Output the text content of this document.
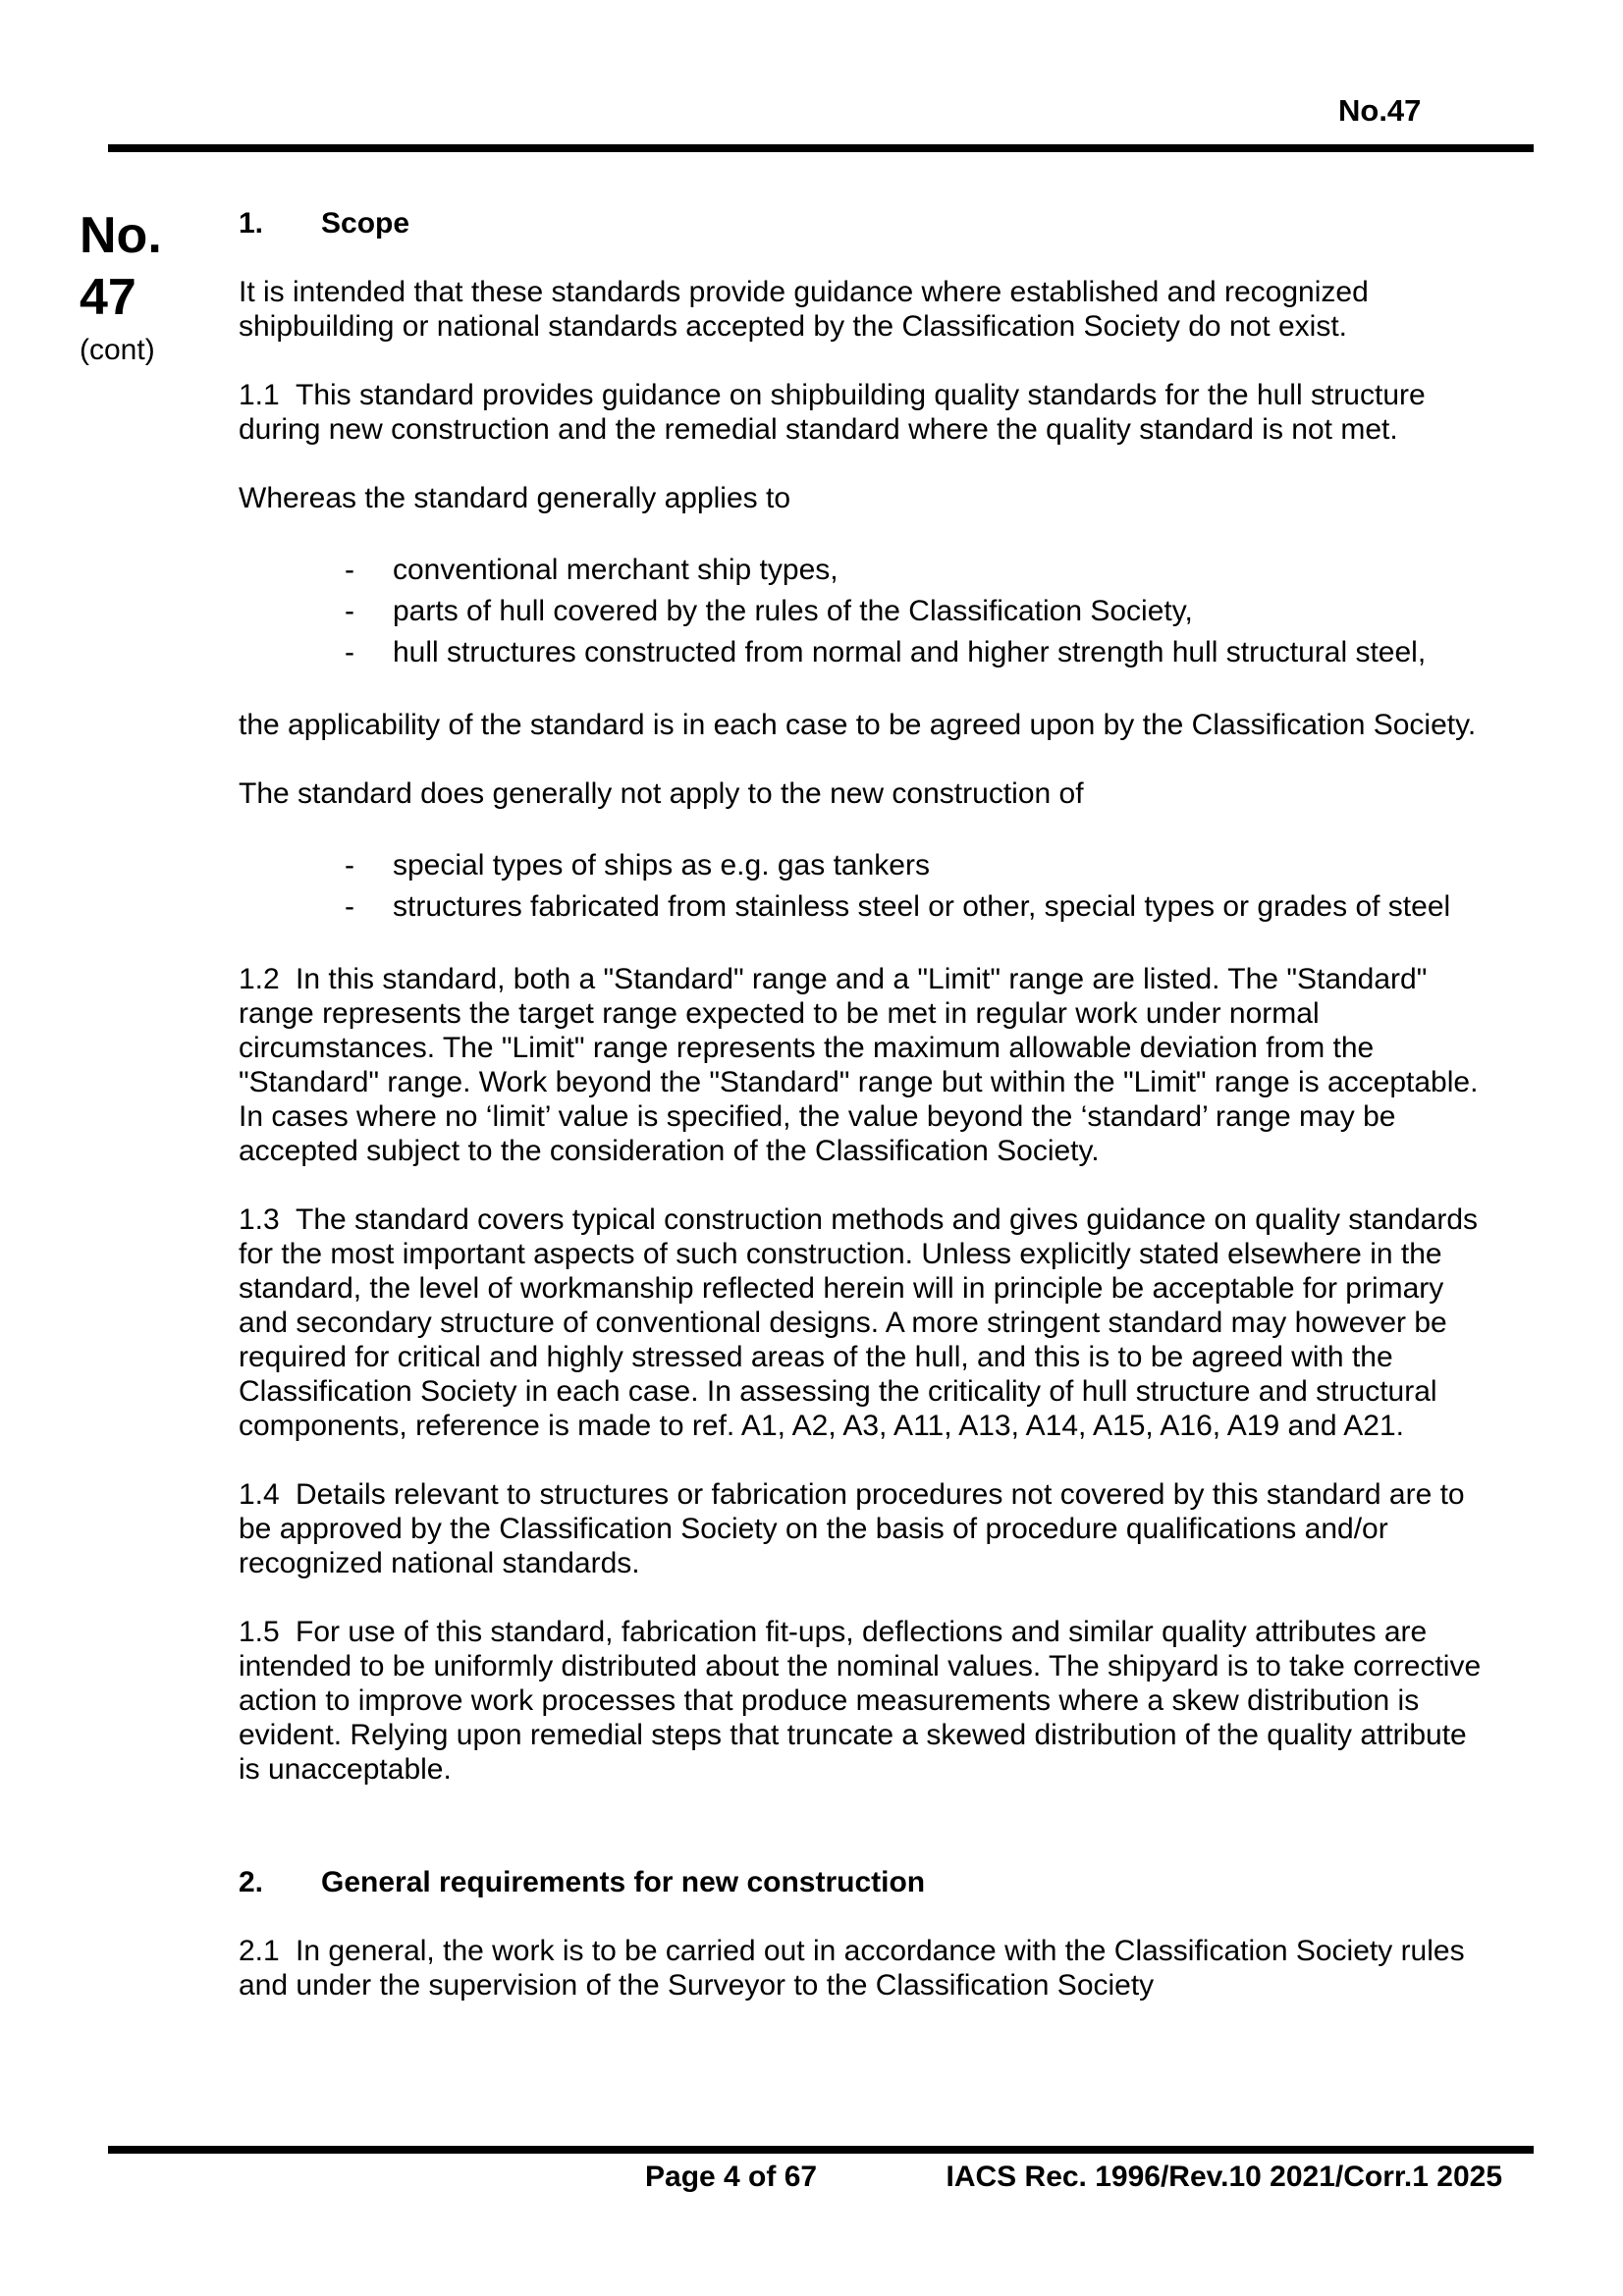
No.47
No.
47
(cont)
1. Scope
It is intended that these standards provide guidance where established and recognized shipbuilding or national standards accepted by the Classification Society do not exist.
1.1 This standard provides guidance on shipbuilding quality standards for the hull structure during new construction and the remedial standard where the quality standard is not met.
Whereas the standard generally applies to
-	conventional merchant ship types,
-	parts of hull covered by the rules of the Classification Society,
-	hull structures constructed from normal and higher strength hull structural steel,
the applicability of the standard is in each case to be agreed upon by the Classification Society.
The standard does generally not apply to the new construction of
-	special types of ships as e.g. gas tankers
-	structures fabricated from stainless steel or other, special types or grades of steel
1.2 In this standard, both a "Standard" range and a "Limit" range are listed. The "Standard" range represents the target range expected to be met in regular work under normal circumstances. The "Limit" range represents the maximum allowable deviation from the "Standard" range. Work beyond the "Standard" range but within the "Limit" range is acceptable. In cases where no ‘limit’ value is specified, the value beyond the ‘standard’ range may be accepted subject to the consideration of the Classification Society.
1.3 The standard covers typical construction methods and gives guidance on quality standards for the most important aspects of such construction. Unless explicitly stated elsewhere in the standard, the level of workmanship reflected herein will in principle be acceptable for primary and secondary structure of conventional designs. A more stringent standard may however be required for critical and highly stressed areas of the hull, and this is to be agreed with the Classification Society in each case. In assessing the criticality of hull structure and structural components, reference is made to ref. A1, A2, A3, A11, A13, A14, A15, A16, A19 and A21.
1.4 Details relevant to structures or fabrication procedures not covered by this standard are to be approved by the Classification Society on the basis of procedure qualifications and/or recognized national standards.
1.5 For use of this standard, fabrication fit-ups, deflections and similar quality attributes are intended to be uniformly distributed about the nominal values. The shipyard is to take corrective action to improve work processes that produce measurements where a skew distribution is evident. Relying upon remedial steps that truncate a skewed distribution of the quality attribute is unacceptable.
2. General requirements for new construction
2.1 In general, the work is to be carried out in accordance with the Classification Society rules and under the supervision of the Surveyor to the Classification Society
Page 4 of 67	IACS Rec. 1996/Rev.10 2021/Corr.1 2025
